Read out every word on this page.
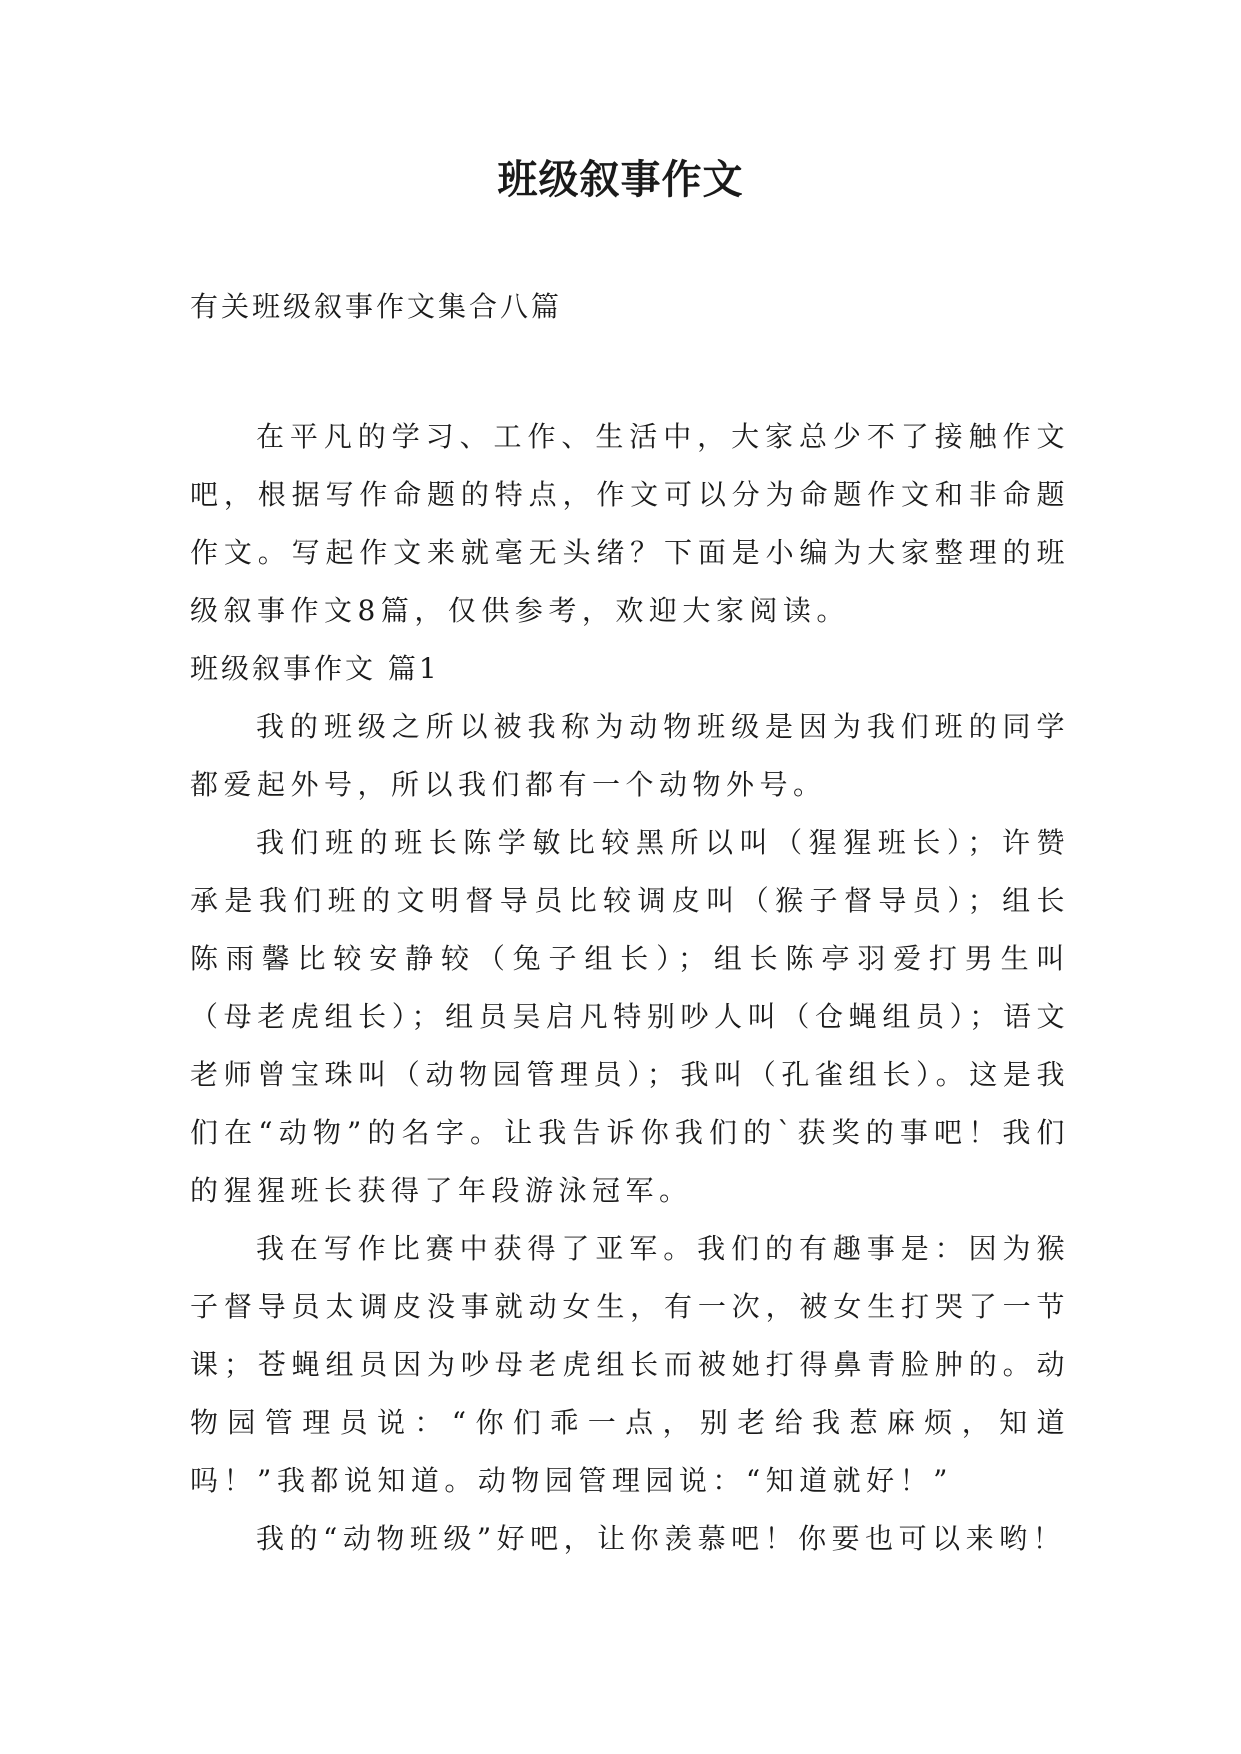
班级叙事作文
有关班级叙事作文集合八篇

在平凡的学习、工作、生活中，大家总少不了接触作文吧，根据写作命题的特点，作文可以分为命题作文和非命题作文。写起作文来就毫无头绪？下面是小编为大家整理的班级叙事作文8篇，仅供参考，欢迎大家阅读。

班级叙事作文 篇1

我的班级之所以被我称为动物班级是因为我们班的同学都爱起外号，所以我们都有一个动物外号。

我们班的班长陈学敏比较黑所以叫（猩猩班长）；许赞承是我们班的文明督导员比较调皮叫（猴子督导员）；组长陈雨馨比较安静较（兔子组长）；组长陈亭羽爱打男生叫（母老虎组长）；组员吴启凡特别吵人叫（仓蝇组员）；语文老师曾宝珠叫（动物园管理员）；我叫（孔雀组长）。这是我们在“动物”的名字。让我告诉你我们的`获奖的事吧！我们的猩猩班长获得了年段游泳冠军。

我在写作比赛中获得了亚军。我们的有趣事是：因为猴子督导员太调皮没事就动女生，有一次，被女生打哭了一节课；苍蝇组员因为吵母老虎组长而被她打得鼻青脸肿的。动物园管理员说：“你们乖一点，别老给我惹麻烦，知道吗！”我都说知道。动物园管理园说：“知道就好！”

我的“动物班级”好吧，让你羡慕吧！你要也可以来哟！
